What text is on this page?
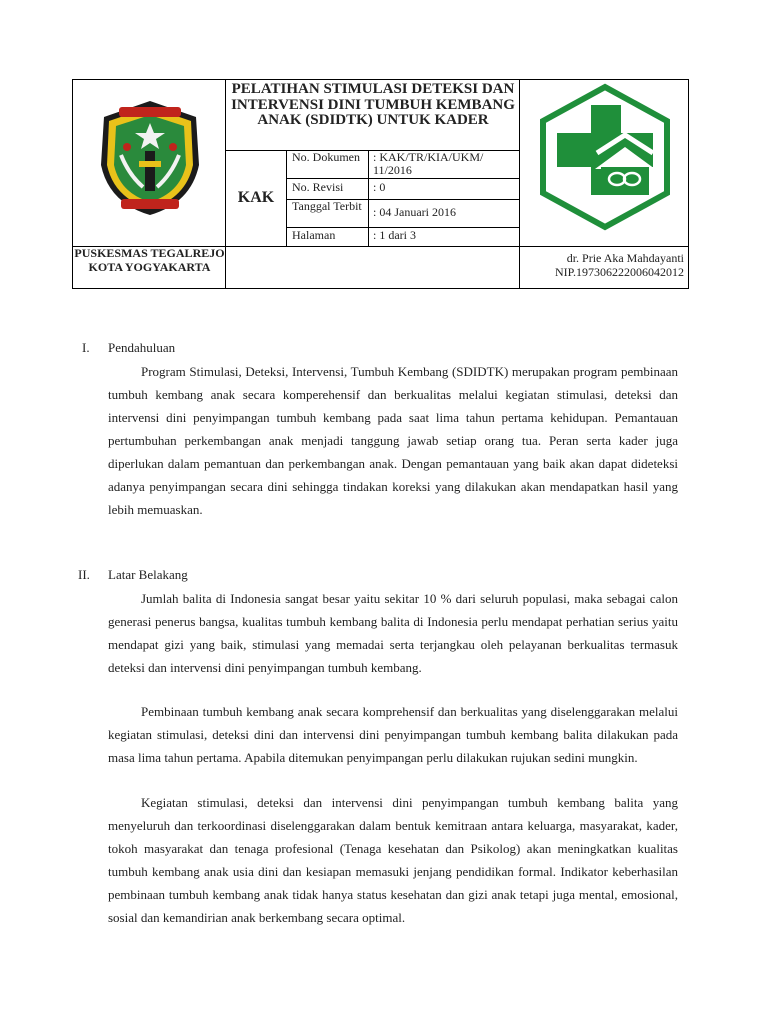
PELATIHAN STIMULASI DETEKSI DAN INTERVENSI DINI TUMBUH KEMBANG ANAK (SDIDTK) UNTUK KADER
KAK
No. Dokumen	: KAK/TR/KIA/UKM/ 11/2016
No. Revisi	: 0
Tanggal Terbit : 04 Januari 2016
Halaman	: 1 dari 3
PUSKESMAS TEGALREJO KOTA YOGYAKARTA
dr. Prie Aka Mahdayanti
NIP.197306222006042012
I. Pendahuluan

Program Stimulasi, Deteksi, Intervensi, Tumbuh Kembang (SDIDTK) merupakan program pembinaan tumbuh kembang anak secara komperehensif dan berkualitas melalui kegiatan stimulasi, deteksi dan intervensi dini penyimpangan tumbuh kembang pada saat lima tahun pertama kehidupan. Pemantauan pertumbuhan perkembangan anak menjadi tanggung jawab setiap orang tua. Peran serta kader juga diperlukan dalam pemantuan dan perkembangan anak. Dengan pemantauan yang baik akan dapat dideteksi adanya penyimpangan secara dini sehingga tindakan koreksi yang dilakukan akan mendapatkan hasil yang lebih memuaskan.

II. Latar Belakang

Jumlah balita di Indonesia sangat besar yaitu sekitar 10 % dari seluruh populasi, maka sebagai calon generasi penerus bangsa, kualitas tumbuh kembang balita di Indonesia perlu mendapat perhatian serius yaitu mendapat gizi yang baik, stimulasi yang memadai serta terjangkau oleh pelayanan berkualitas termasuk deteksi dan intervensi dini penyimpangan tumbuh kembang.

Pembinaan tumbuh kembang anak secara komprehensif dan berkualitas yang diselenggarakan melalui kegiatan stimulasi, deteksi dini dan intervensi dini penyimpangan tumbuh kembang balita dilakukan pada masa lima tahun pertama. Apabila ditemukan penyimpangan perlu dilakukan rujukan sedini mungkin.

Kegiatan stimulasi, deteksi dan intervensi dini penyimpangan tumbuh kembang balita yang menyeluruh dan terkoordinasi diselenggarakan dalam bentuk kemitraan antara keluarga, masyarakat, kader, tokoh masyarakat dan tenaga profesional (Tenaga kesehatan dan Psikolog) akan meningkatkan kualitas tumbuh kembang anak usia dini dan kesiapan memasuki jenjang pendidikan formal. Indikator keberhasilan pembinaan tumbuh kembang anak tidak hanya status kesehatan dan gizi anak tetapi juga mental, emosional, sosial dan kemandirian anak berkembang secara optimal.
